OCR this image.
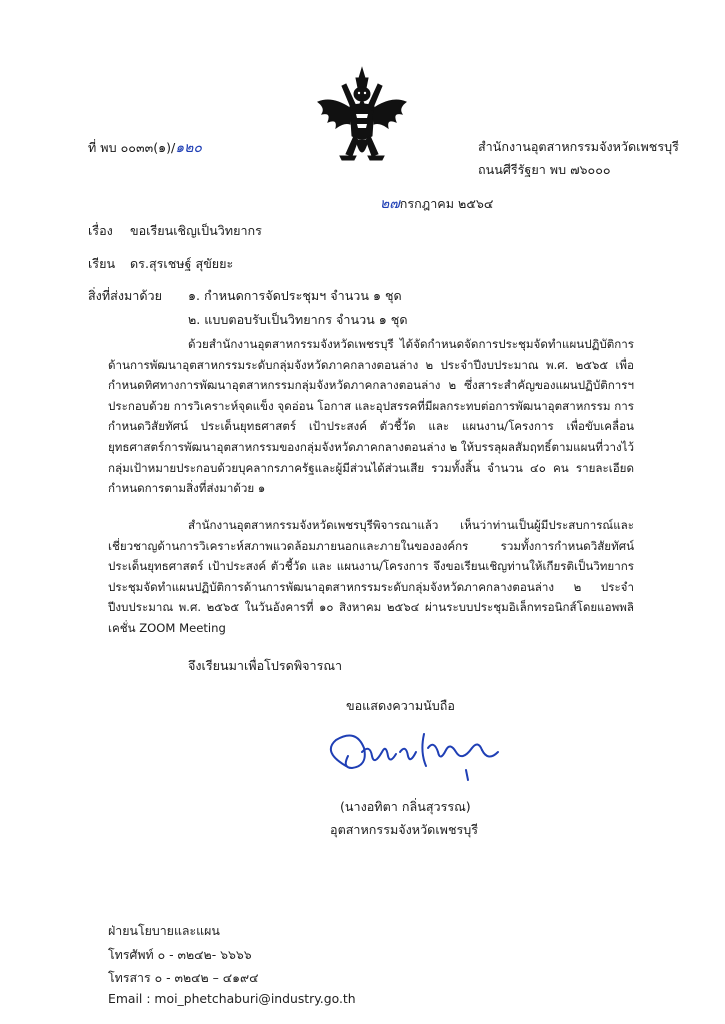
ที่ พบ ๐๐๓๓(๑)/๑๒๐	สำนักงานอุตสาหกรรมจังหวัดเพชรบุรี
ถนนศีรีรัฐยา พบ ๗๖๐๐๐
๒๗กรกฎาคม ๒๕๖๔
เรื่อง ขอเรียนเชิญเป็นวิทยากร
เรียน ดร.สุรเชษฐ์ สุขัยยะ
สิ่งที่ส่งมาด้วย ๑. กำหนดการจัดประชุมฯ จำนวน ๑ ชุด
๒. แบบตอบรับเป็นวิทยากร จำนวน ๑ ชุด

ด้วยสำนักงานอุตสาหกรรมจังหวัดเพชรบุรี ได้จัดกำหนดจัดการประชุมจัดทำแผนปฏิบัติการด้านการพัฒนาอุตสาหกรรมระดับกลุ่มจังหวัดภาคกลางตอนล่าง ๒ ประจำปีงบประมาณ พ.ศ. ๒๕๖๕ เพื่อกำหนดทิศทางการพัฒนาอุตสาหกรรมกลุ่มจังหวัดภาคกลางตอนล่าง ๒ ซึ่งสาระสำคัญของแผนปฏิบัติการฯ ประกอบด้วย การวิเคราะห์จุดแข็ง จุดอ่อน โอกาส และอุปสรรคที่มีผลกระทบต่อการพัฒนาอุตสาหกรรม การกำหนดวิสัยทัศน์ ประเด็นยุทธศาสตร์ เป้าประสงค์ ตัวชี้วัด และ แผนงาน/โครงการ เพื่อขับเคลื่อนยุทธศาสตร์การพัฒนาอุตสาหกรรมของกลุ่มจังหวัดภาคกลางตอนล่าง ๒ ให้บรรลุผลสัมฤทธิ์ตามแผนที่วางไว้ กลุ่มเป้าหมายประกอบด้วยบุคลากรภาครัฐและผู้มีส่วนได้ส่วนเสีย รวมทั้งสิ้น จำนวน ๔๐ คน รายละเอียดกำหนดการตามสิ่งที่ส่งมาด้วย ๑

สำนักงานอุตสาหกรรมจังหวัดเพชรบุรีพิจารณาแล้ว เห็นว่าท่านเป็นผู้มีประสบการณ์และเชี่ยวชาญด้านการวิเคราะห์สภาพแวดล้อมภายนอกและภายในขององค์กร รวมทั้งการกำหนดวิสัยทัศน์ ประเด็นยุทธศาสตร์ เป้าประสงค์ ตัวชี้วัด และ แผนงาน/โครงการ จึงขอเรียนเชิญท่านให้เกียรติเป็นวิทยากรประชุมจัดทำแผนปฏิบัติการด้านการพัฒนาอุตสาหกรรมระดับกลุ่มจังหวัดภาคกลางตอนล่าง ๒ ประจำปีงบประมาณ พ.ศ. ๒๕๖๕ ในวันอังคารที่ ๑๐ สิงหาคม ๒๕๖๔ ผ่านระบบประชุมอิเล็กทรอนิกส์โดยแอพพลิเคชั่น ZOOM Meeting

จึงเรียนมาเพื่อโปรดพิจารณา
ขอแสดงความนับถือ
(นางอทิตา กลิ่นสุวรรณ)
อุตสาหกรรมจังหวัดเพชรบุรี
ฝ่ายนโยบายและแผน
โทรศัพท์ ๐ - ๓๒๔๒- ๖๖๖๖
โทรสาร ๐ - ๓๒๔๒ – ๔๑๙๔
Email : moi_phetchaburi@industry.go.th
